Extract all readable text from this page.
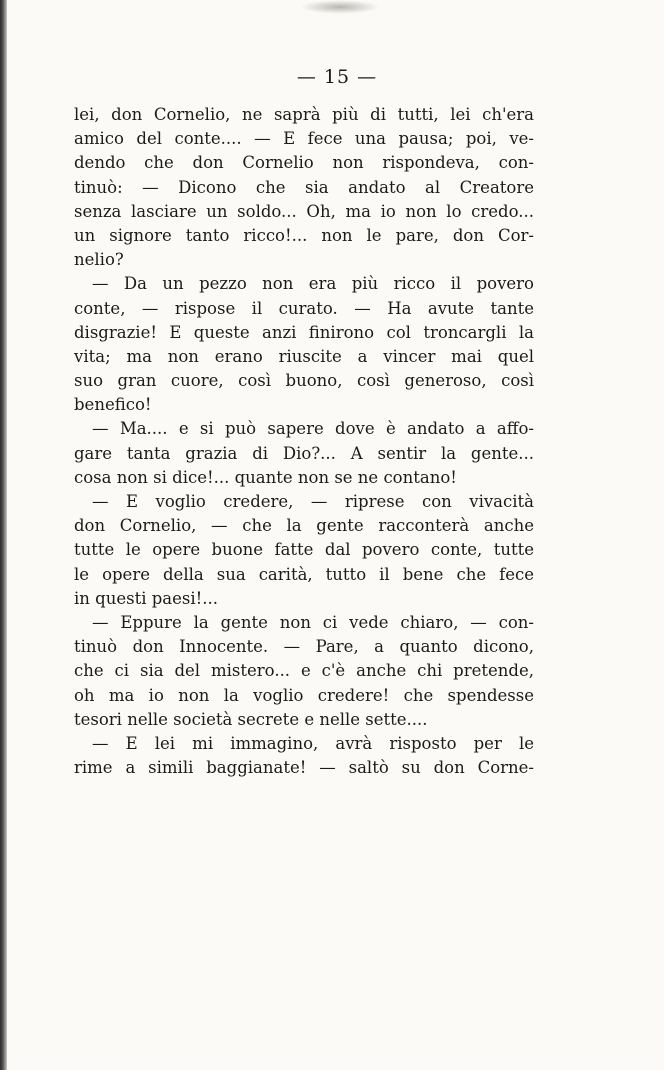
— 15 —
lei, don Cornelio, ne saprà più di tutti, lei ch'era
amico del conte.... — E fece una pausa; poi, ve-
dendo che don Cornelio non rispondeva, con-
tinuò: — Dicono che sia andato al Creatore
senza lasciare un soldo... Oh, ma io non lo credo...
un signore tanto ricco!... non le pare, don Cor-
nelio?
— Da un pezzo non era più ricco il povero
conte, — rispose il curato. — Ha avute tante
disgrazie! E queste anzi finirono col troncargli la
vita; ma non erano riuscite a vincer mai quel
suo gran cuore, così buono, così generoso, così
benefico!
— Ma.... e si può sapere dove è andato a affo-
gare tanta grazia di Dio?... A sentir la gente...
cosa non si dice!... quante non se ne contano!
— E voglio credere, — riprese con vivacità
don Cornelio, — che la gente racconterà anche
tutte le opere buone fatte dal povero conte, tutte
le opere della sua carità, tutto il bene che fece
in questi paesi!...
— Eppure la gente non ci vede chiaro, — con-
tinuò don Innocente. — Pare, a quanto dicono,
che ci sia del mistero... e c'è anche chi pretende,
oh ma io non la voglio credere! che spendesse
tesori nelle società secrete e nelle sette....
— E lei mi immagino, avrà risposto per le
rime a simili baggianate! — saltò su don Corne-
